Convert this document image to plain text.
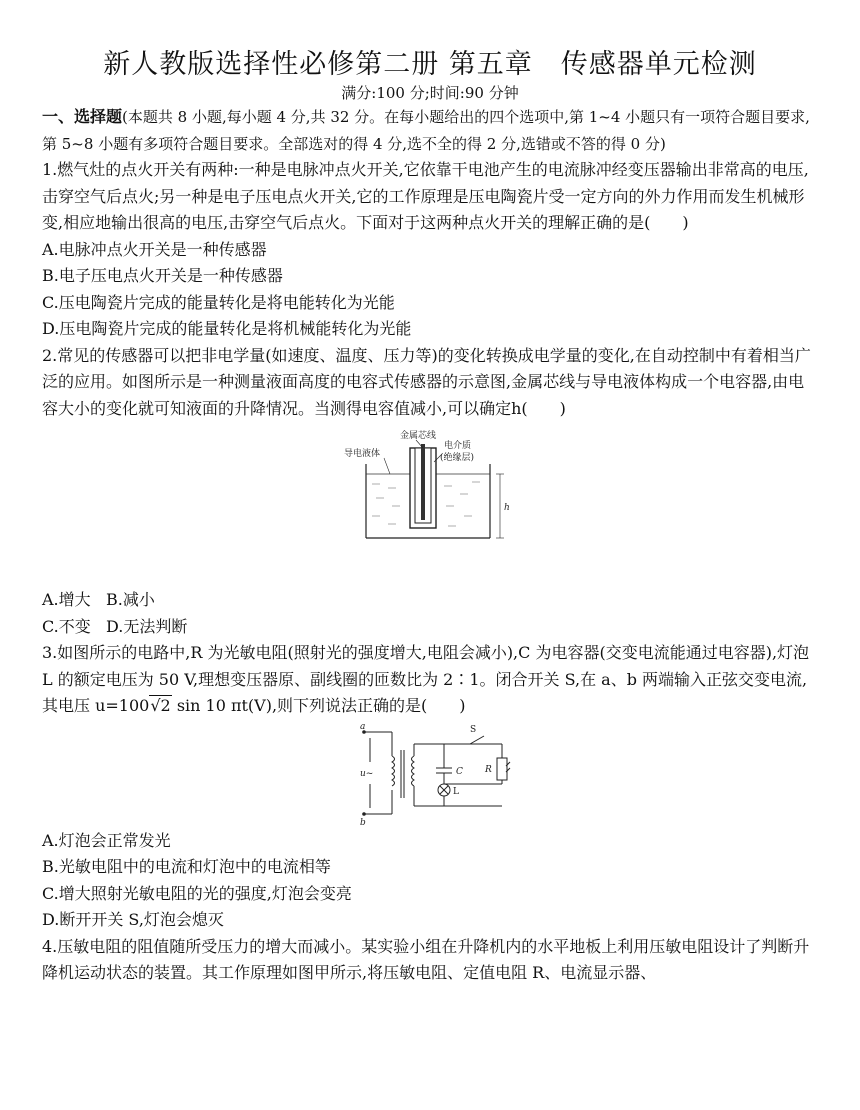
新人教版选择性必修第二册 第五章　传感器单元检测
满分:100 分;时间:90 分钟

一、选择题(本题共 8 小题,每小题 4 分,共 32 分。在每小题给出的四个选项中,第 1~4 小题只有一项符合题目要求,第 5~8 小题有多项符合题目要求。全部选对的得 4 分,选不全的得 2 分,选错或不答的得 0 分)

1.燃气灶的点火开关有两种:一种是电脉冲点火开关,它依靠干电池产生的电流脉冲经变压器输出非常高的电压,击穿空气后点火;另一种是电子压电点火开关,它的工作原理是压电陶瓷片受一定方向的外力作用而发生机械形变,相应地输出很高的电压,击穿空气后点火。下面对于这两种点火开关的理解正确的是(　　)

A.电脉冲点火开关是一种传感器

B.电子压电点火开关是一种传感器

C.压电陶瓷片完成的能量转化是将电能转化为光能

D.压电陶瓷片完成的能量转化是将机械能转化为光能

2.常见的传感器可以把非电学量(如速度、温度、压力等)的变化转换成电学量的变化,在自动控制中有着相当广泛的应用。如图所示是一种测量液面高度的电容式传感器的示意图,金属芯线与导电液体构成一个电容器,由电容大小的变化就可知液面的升降情况。当测得电容值减小,可以确定h(　　)

金属芯线
导电液体
电介质
(绝缘层)
h

A.增大 B.减小

C.不变 D.无法判断

3.如图所示的电路中,R 为光敏电阻(照射光的强度增大,电阻会减小),C 为电容器(交变电流能通过电容器),灯泡 L 的额定电压为 50 V,理想变压器原、副线圈的匝数比为 2∶1。闭合开关 S,在 a、b 两端输入正弦交变电流,其电压 u=100√2 sin 10 πt(V),则下列说法正确的是(　　)

a
b
u~
S
C R
L

A.灯泡会正常发光

B.光敏电阻中的电流和灯泡中的电流相等

C.增大照射光敏电阻的光的强度,灯泡会变亮

D.断开开关 S,灯泡会熄灭

4.压敏电阻的阻值随所受压力的增大而减小。某实验小组在升降机内的水平地板上利用压敏电阻设计了判断升降机运动状态的装置。其工作原理如图甲所示,将压敏电阻、定值电阻 R、电流显示器、
